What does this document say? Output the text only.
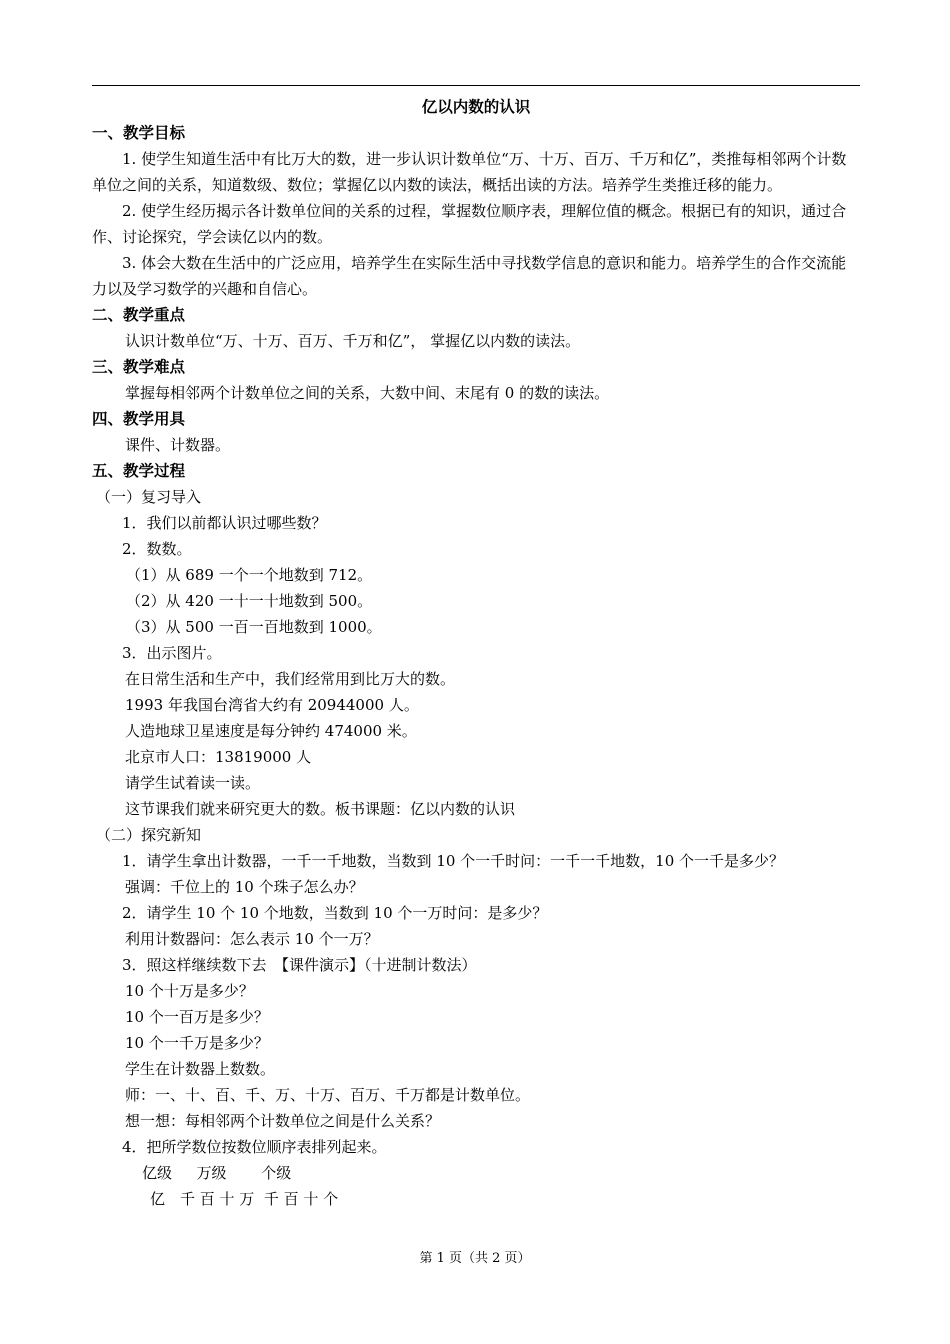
亿以内数的认识

一、教学目标

1. 使学生知道生活中有比万大的数，进一步认识计数单位“万、十万、百万、千万和亿”，类推每相邻两个计数单位之间的关系，知道数级、数位；掌握亿以内数的读法，概括出读的方法。培养学生类推迁移的能力。

2. 使学生经历揭示各计数单位间的关系的过程，掌握数位顺序表，理解位值的概念。根据已有的知识，通过合作、讨论探究，学会读亿以内的数。

3. 体会大数在生活中的广泛应用，培养学生在实际生活中寻找数学信息的意识和能力。培养学生的合作交流能力以及学习数学的兴趣和自信心。

二、教学重点

认识计数单位“万、十万、百万、千万和亿”， 掌握亿以内数的读法。

三、教学难点

掌握每相邻两个计数单位之间的关系，大数中间、末尾有 0 的数的读法。

四、教学用具

课件、计数器。

五、教学过程

（一）复习导入

1．我们以前都认识过哪些数？

2．数数。

（1）从 689 一个一个地数到 712。

（2）从 420 一十一十地数到 500。

（3）从 500 一百一百地数到 1000。

3．出示图片。

在日常生活和生产中，我们经常用到比万大的数。

1993 年我国台湾省大约有 20944000 人。

人造地球卫星速度是每分钟约 474000 米。

北京市人口：13819000 人

请学生试着读一读。

这节课我们就来研究更大的数。板书课题：亿以内数的认识

（二）探究新知

1．请学生拿出计数器，一千一千地数，当数到 10 个一千时问：一千一千地数，10 个一千是多少？

强调：千位上的 10 个珠子怎么办？

2．请学生 10 个 10 个地数，当数到 10 个一万时问：是多少？

利用计数器问：怎么表示 10 个一万？

3．照这样继续数下去　【课件演示】（十进制计数法）

10 个十万是多少？

10 个一百万是多少？

10 个一千万是多少？

学生在计数器上数数。

师：一、十、百、千、万、十万、百万、千万都是计数单位。

想一想：每相邻两个计数单位之间是什么关系？

4．把所学数位按数位顺序表排列起来。

亿级　  万级　　 个级

亿　千 百 十 万  千 百 十 个

第 1 页（共 2 页）
